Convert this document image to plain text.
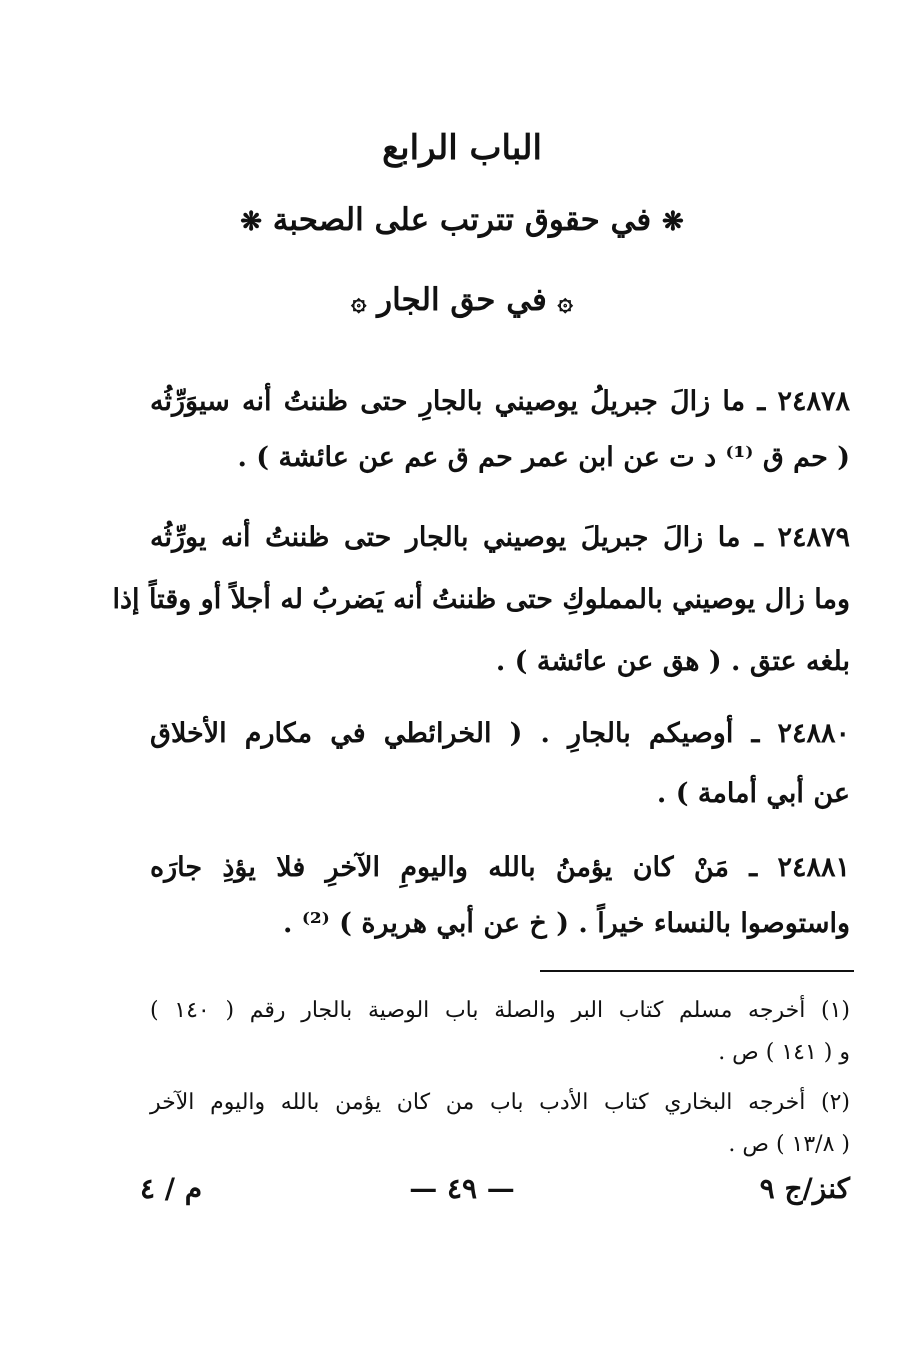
الباب الرابع
❋ في حقوق تترتب على الصحبة ❋
۞ في حق الجار ۞
٢٤٨٧٨ ـ ما زالَ جبريلُ يوصيني بالجارِ حتى ظننتُ أنه سيوَرِّثُه
( حم ق ⁽¹⁾ د ت عن ابن عمر حم ق عم عن عائشة ) .
٢٤٨٧٩ ـ ما زالَ جبريلَ يوصيني بالجار حتى ظننتُ أنه يورِّثُه
وما زال يوصيني بالمملوكِ حتى ظننتُ أنه يَضربُ له أجلاً أو وقتاً إذا
بلغه عتق . ( هق عن عائشة ) .
٢٤٨٨٠ ـ أوصيكم بالجارِ . ( الخرائطي في مكارم الأخلاق
عن أبي أمامة ) .
٢٤٨٨١ ـ مَنْ كان يؤمنُ بالله واليومِ الآخرِ فلا يؤذِ جارَه
واستوصوا بالنساء خيراً . ( خ عن أبي هريرة ) ⁽²⁾ .
(١) أخرجه مسلم كتاب البر والصلة باب الوصية بالجار رقم ( ١٤٠ )
و ( ١٤١ ) ص .
(٢) أخرجه البخاري كتاب الأدب باب من كان يؤمن بالله واليوم الآخر
( ١٣/٨ ) ص .
كنز/ج ٩
— ٤٩ —
م / ٤
